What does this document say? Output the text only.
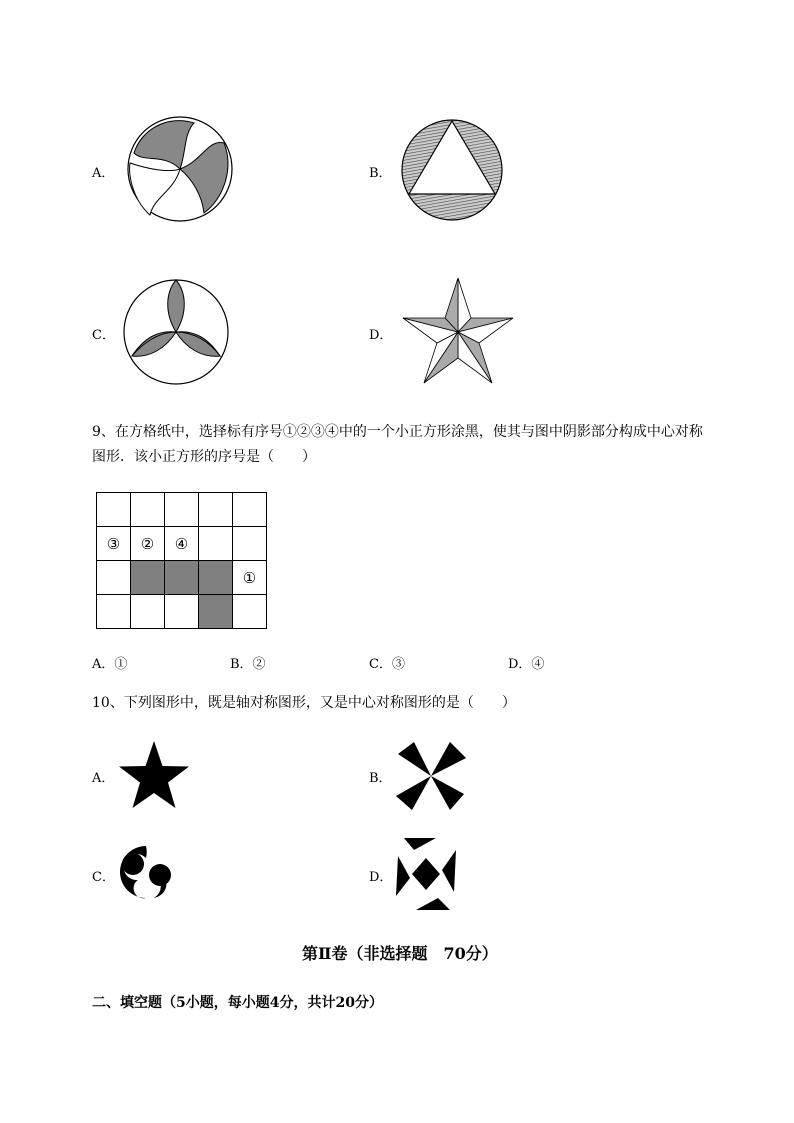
A．	B．
C．	D．
9、在方格纸中，选择标有序号①②③④中的一个小正方形涂黑，使其与图中阴影部分构成中心对称
图形．该小正方形的序号是（　　）

③	②	④		
				①

A．①	B．②	C．③	D．④
10、下列图形中，既是轴对称图形，又是中心对称图形的是（　　）
A．	B．
C．	D．
第Ⅱ卷（非选择题　70分）
二、填空题（5小题，每小题4分，共计20分）
